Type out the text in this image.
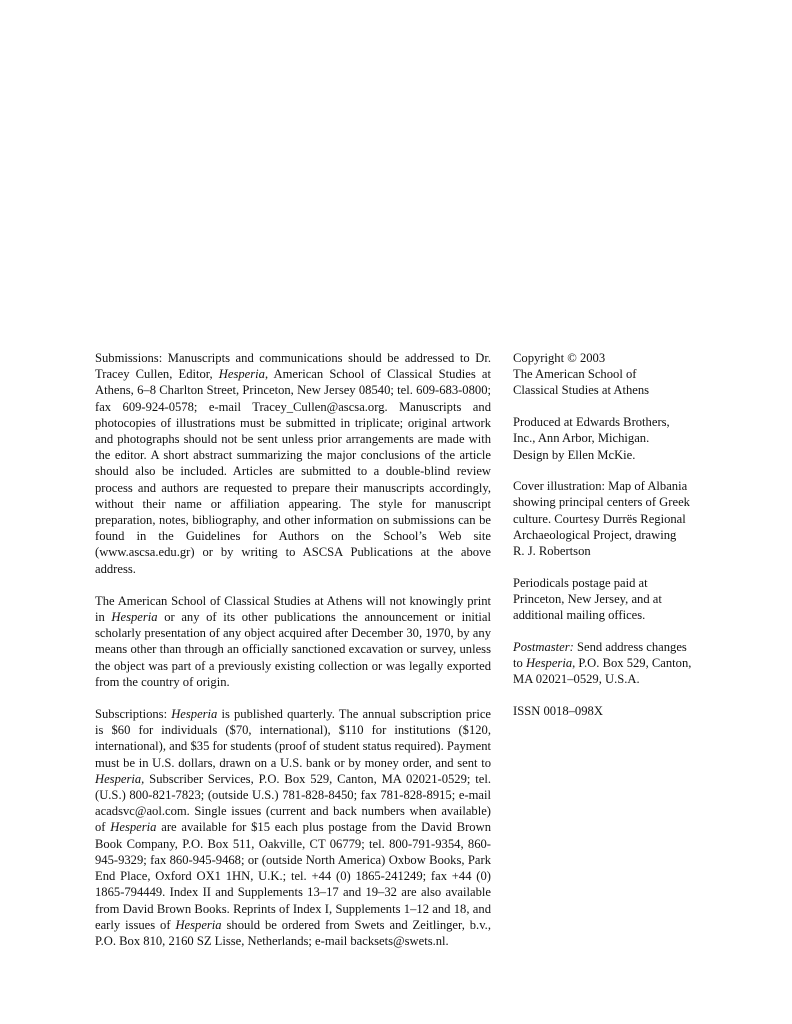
Submissions: Manuscripts and communications should be addressed to Dr. Tracey Cullen, Editor, Hesperia, American School of Classical Studies at Athens, 6–8 Charlton Street, Princeton, New Jersey 08540; tel. 609-683-0800; fax 609-924-0578; e-mail Tracey_Cullen@ascsa.org. Manuscripts and photocopies of illustrations must be submitted in triplicate; original artwork and photographs should not be sent unless prior arrangements are made with the editor. A short abstract summarizing the major conclusions of the article should also be included. Articles are submitted to a double-blind review process and authors are requested to prepare their manuscripts accordingly, without their name or affiliation appearing. The style for manuscript preparation, notes, bibliography, and other information on submissions can be found in the Guidelines for Authors on the School’s Web site (www.ascsa.edu.gr) or by writing to ASCSA Publications at the above address.

The American School of Classical Studies at Athens will not knowingly print in Hesperia or any of its other publications the announcement or initial scholarly presentation of any object acquired after December 30, 1970, by any means other than through an officially sanctioned excavation or survey, unless the object was part of a previously existing collection or was legally exported from the country of origin.

Subscriptions: Hesperia is published quarterly. The annual subscription price is $60 for individuals ($70, international), $110 for institutions ($120, international), and $35 for students (proof of student status required). Payment must be in U.S. dollars, drawn on a U.S. bank or by money order, and sent to Hesperia, Subscriber Services, P.O. Box 529, Canton, MA 02021-0529; tel. (U.S.) 800-821-7823; (outside U.S.) 781-828-8450; fax 781-828-8915; e-mail acadsvc@aol.com. Single issues (current and back numbers when available) of Hesperia are available for $15 each plus postage from the David Brown Book Company, P.O. Box 511, Oakville, CT 06779; tel. 800-791-9354, 860-945-9329; fax 860-945-9468; or (outside North America) Oxbow Books, Park End Place, Oxford OX1 1HN, U.K.; tel. +44 (0) 1865-241249; fax +44 (0) 1865-794449. Index II and Supplements 13–17 and 19–32 are also available from David Brown Books. Reprints of Index I, Supplements 1–12 and 18, and early issues of Hesperia should be ordered from Swets and Zeitlinger, b.v., P.O. Box 810, 2160 SZ Lisse, Netherlands; e-mail backsets@swets.nl.

Copyright © 2003
The American School of
Classical Studies at Athens

Produced at Edwards Brothers,
Inc., Ann Arbor, Michigan.
Design by Ellen McKie.

Cover illustration: Map of Albania
showing principal centers of Greek
culture. Courtesy Durrës Regional
Archaeological Project, drawing
R. J. Robertson

Periodicals postage paid at
Princeton, New Jersey, and at
additional mailing offices.

Postmaster: Send address changes
to Hesperia, P.O. Box 529, Canton,
MA 02021–0529, U.S.A.

ISSN 0018–098X
